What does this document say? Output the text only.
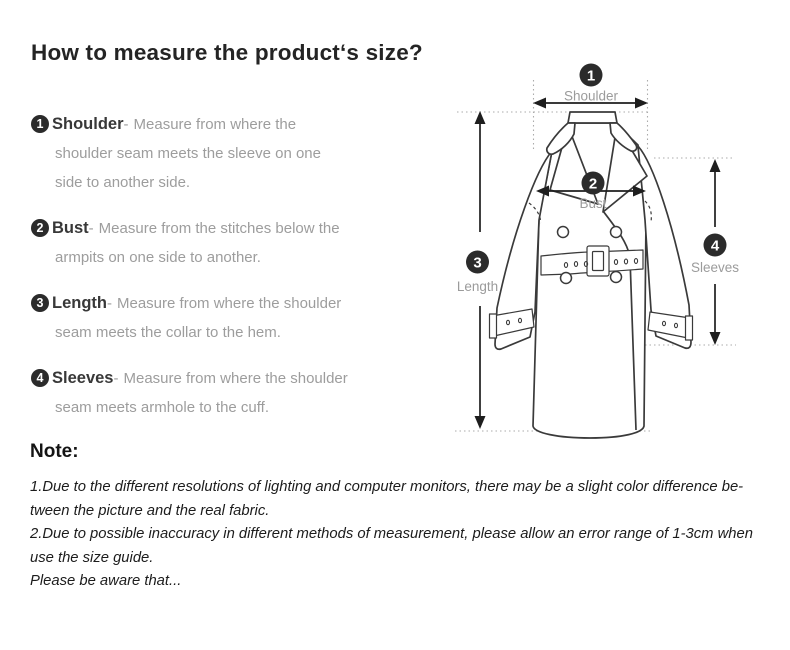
How to measure the product‘s size?
1 Shoulder- Measure from where the
shoulder seam meets the sleeve on one
side to another side.
2 Bust- Measure from the stitches below the
armpits on one side to another.
3 Length- Measure from where the shoulder
seam meets the collar to the hem.
4 Sleeves- Measure from where the shoulder
seam meets armhole to the cuff.
1
Shoulder
2
Bust
3
Length
4
Sleeves
Note:

1.Due to the different resolutions of lighting and computer monitors, there may be a slight color difference be-

tween the picture and the real fabric.

2.Due to possible inaccuracy in different methods of measurement, please allow an error range of 1-3cm when

use the size guide.

Please be aware that...
